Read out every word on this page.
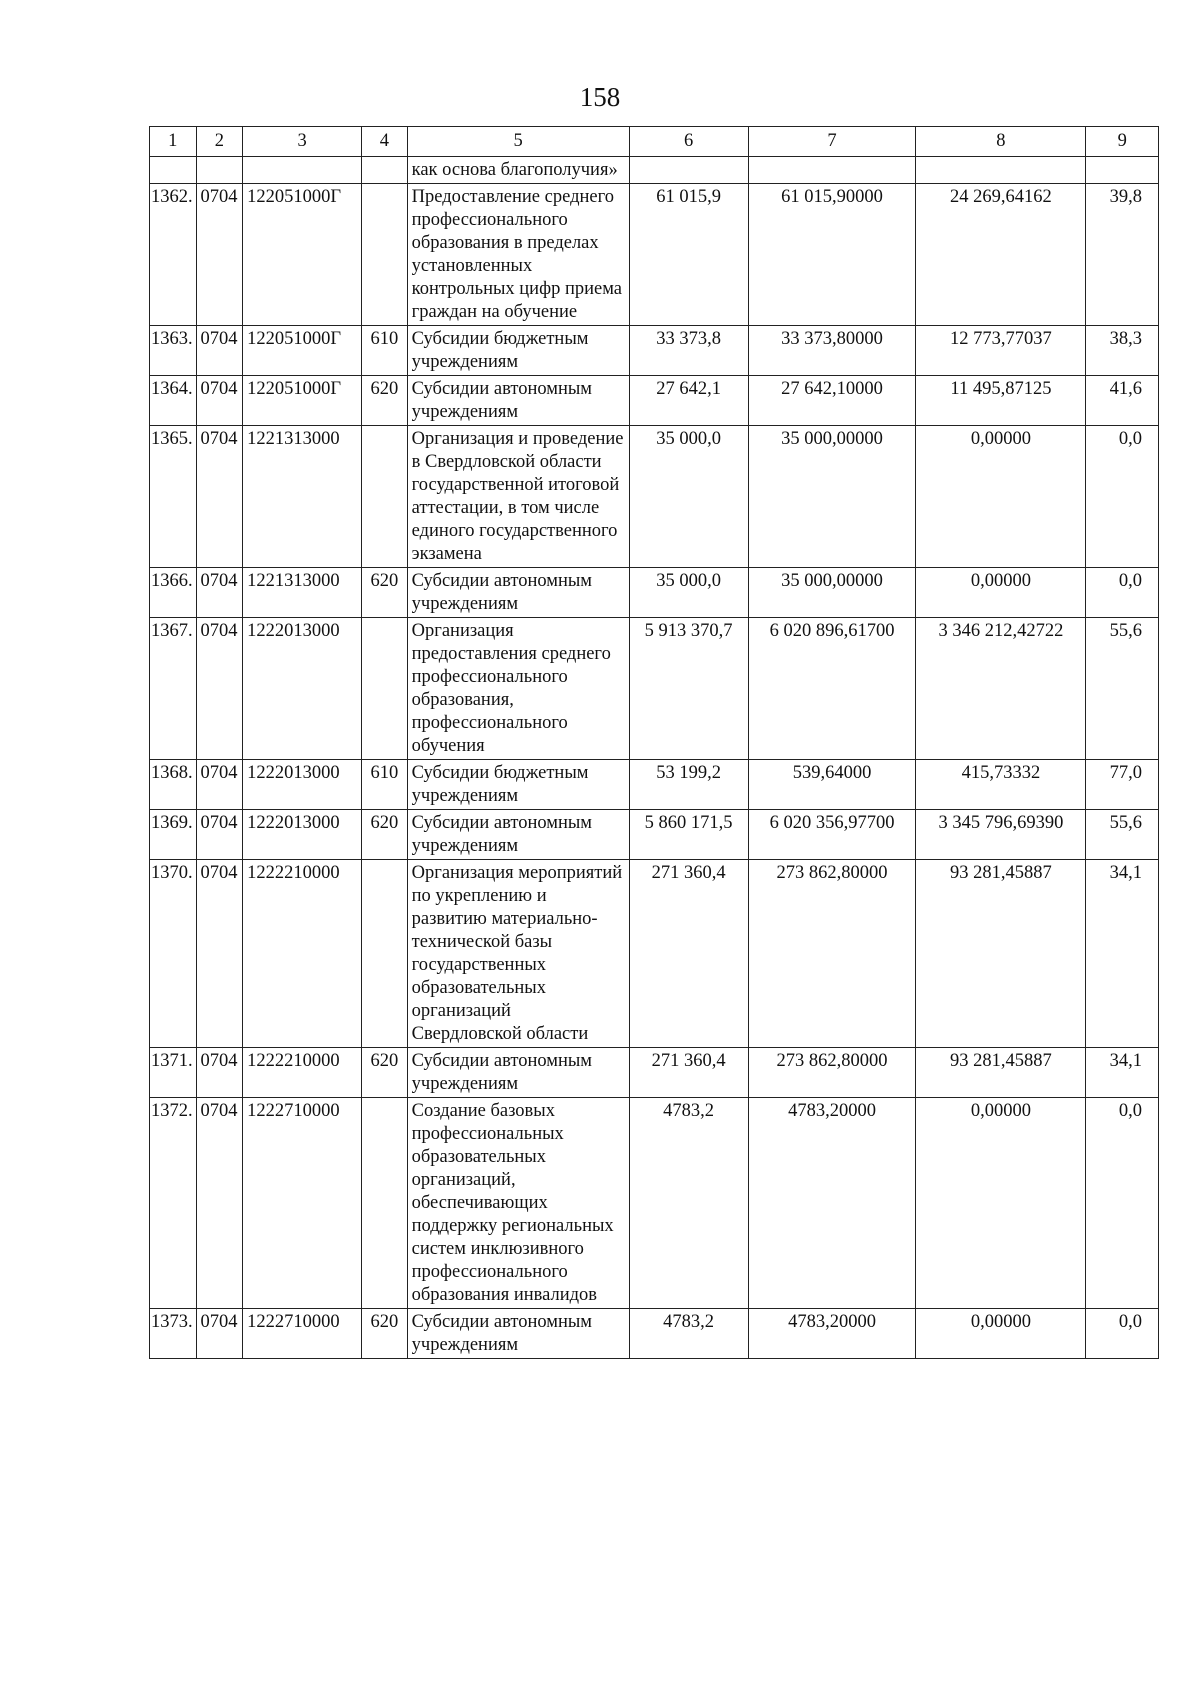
158
1	2	3	4	5	6	7	8	9
				как основа благополучия»				
1362.	0704	122051000Г		Предоставление среднего профессионального образования в пределах установленных контрольных цифр приема граждан на обучение	61 015,9	61 015,90000	24 269,64162	39,8
1363.	0704	122051000Г	610	Субсидии бюджетным учреждениям	33 373,8	33 373,80000	12 773,77037	38,3
1364.	0704	122051000Г	620	Субсидии автономным учреждениям	27 642,1	27 642,10000	11 495,87125	41,6
1365.	0704	1221313000		Организация и проведение в Свердловской области государственной итоговой аттестации, в том числе единого государственного экзамена	35 000,0	35 000,00000	0,00000	0,0
1366.	0704	1221313000	620	Субсидии автономным учреждениям	35 000,0	35 000,00000	0,00000	0,0
1367.	0704	1222013000		Организация предоставления среднего профессионального образования, профессионального обучения	5 913 370,7	6 020 896,61700	3 346 212,42722	55,6
1368.	0704	1222013000	610	Субсидии бюджетным учреждениям	53 199,2	539,64000	415,73332	77,0
1369.	0704	1222013000	620	Субсидии автономным учреждениям	5 860 171,5	6 020 356,97700	3 345 796,69390	55,6
1370.	0704	1222210000		Организация мероприятий по укреплению и развитию материально-технической базы государственных образовательных организаций Свердловской области	271 360,4	273 862,80000	93 281,45887	34,1
1371.	0704	1222210000	620	Субсидии автономным учреждениям	271 360,4	273 862,80000	93 281,45887	34,1
1372.	0704	1222710000		Создание базовых профессиональных образовательных организаций, обеспечивающих поддержку региональных систем инклюзивного профессионального образования инвалидов	4783,2	4783,20000	0,00000	0,0
1373.	0704	1222710000	620	Субсидии автономным учреждениям	4783,2	4783,20000	0,00000	0,0
